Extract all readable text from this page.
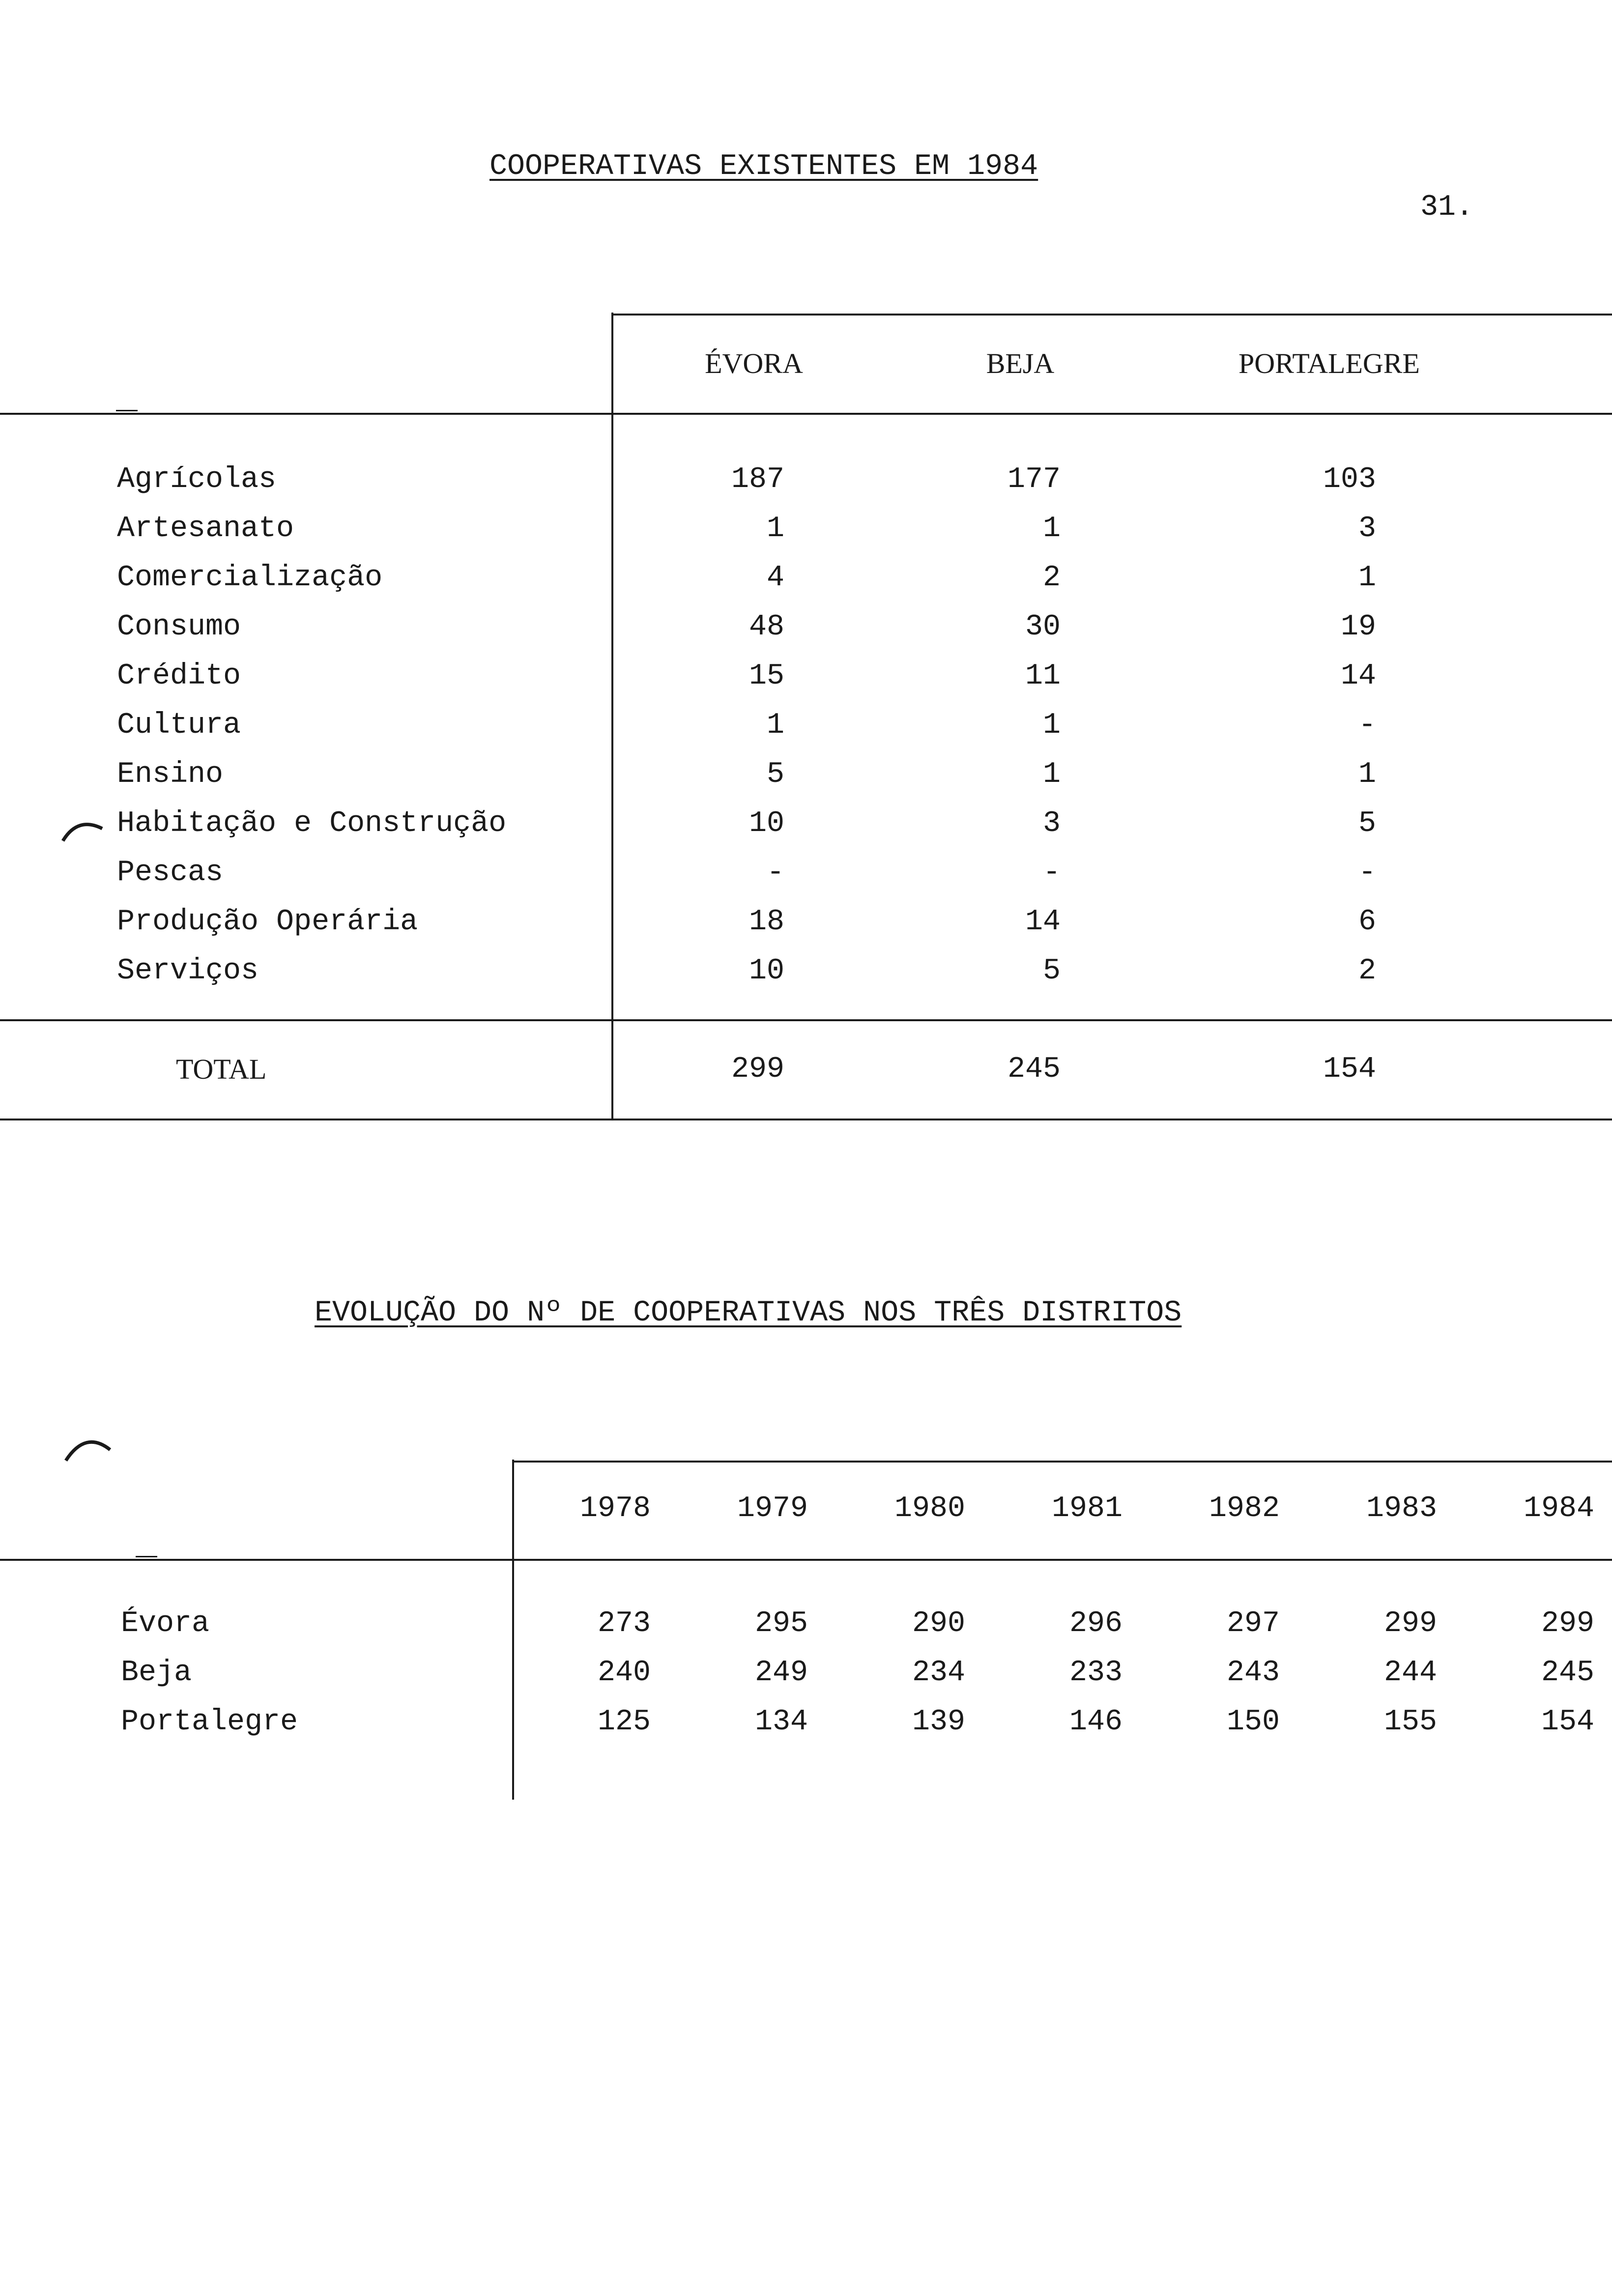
31.
COOPERATIVAS EXISTENTES EM 1984
ÉVORA	BEJA	PORTALEGRE
Agrícolas	187	177	103
Artesanato	1	1	3
Comercialização	4	2	1
Consumo	48	30	19
Crédito	15	11	14
Cultura	1	1	-
Ensino	5	1	1
Habitação e Construção	10	3	5
Pescas	-	-	-
Produção Operária	18	14	6
Serviços	10	5	2
TOTAL	299	245	154
EVOLUÇÃO DO Nº DE COOPERATIVAS NOS TRÊS DISTRITOS
1978	1979	1980	1981	1982	1983	1984
Évora	273	295	290	296	297	299	299
Beja	240	249	234	233	243	244	245
Portalegre	125	134	139	146	150	155	154
